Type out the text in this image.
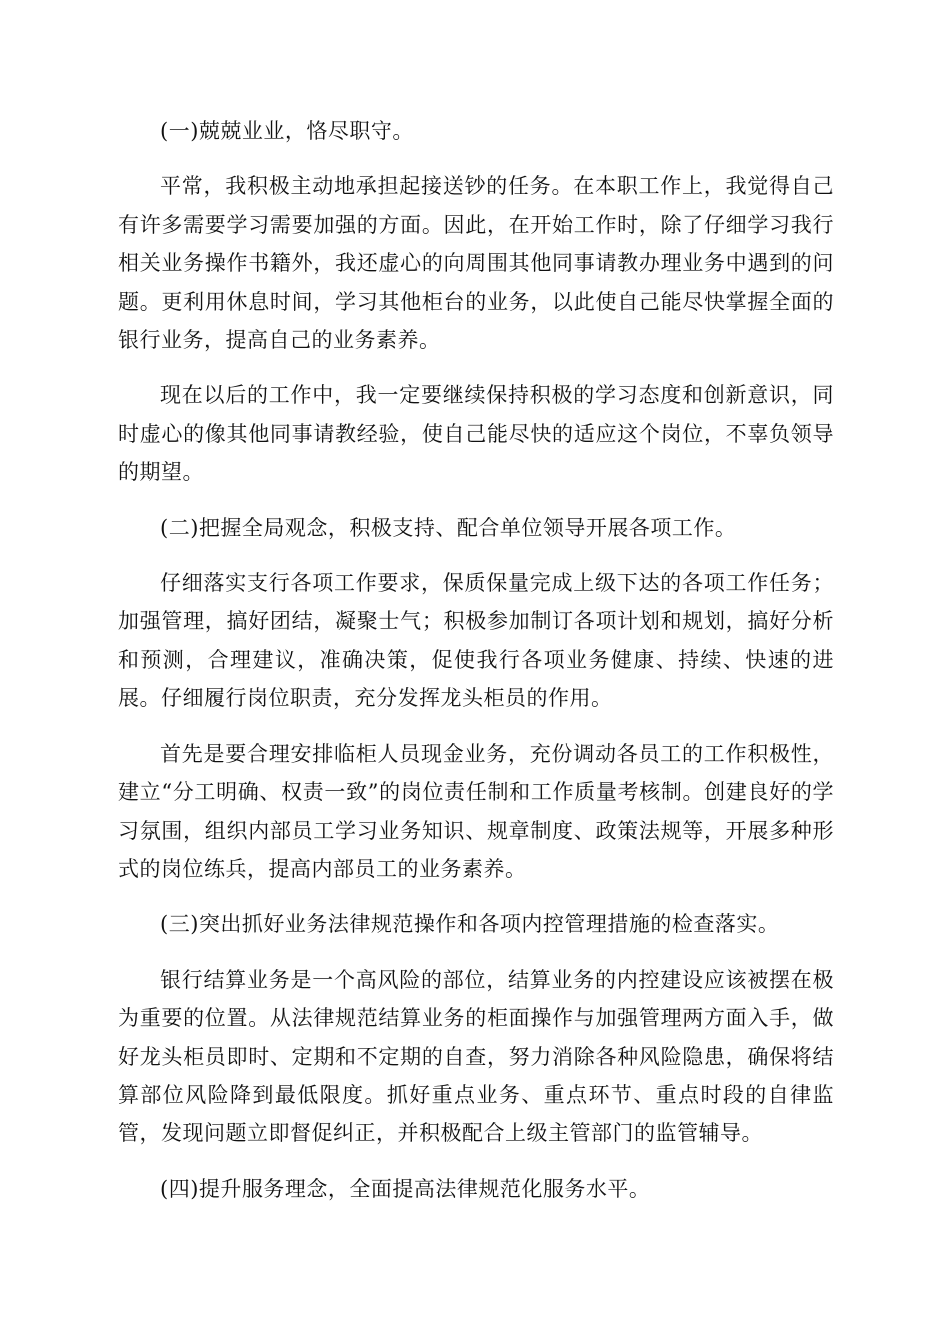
(一)兢兢业业，恪尽职守。

平常，我积极主动地承担起接送钞的任务。在本职工作上，我觉得自己有许多需要学习需要加强的方面。因此，在开始工作时，除了仔细学习我行相关业务操作书籍外，我还虚心的向周围其他同事请教办理业务中遇到的问题。更利用休息时间，学习其他柜台的业务，以此使自己能尽快掌握全面的银行业务，提高自己的业务素养。

现在以后的工作中，我一定要继续保持积极的学习态度和创新意识，同时虚心的像其他同事请教经验，使自己能尽快的适应这个岗位，不辜负领导的期望。

(二)把握全局观念，积极支持、配合单位领导开展各项工作。

仔细落实支行各项工作要求，保质保量完成上级下达的各项工作任务；加强管理，搞好团结，凝聚士气；积极参加制订各项计划和规划，搞好分析和预测，合理建议，准确决策，促使我行各项业务健康、持续、快速的进展。仔细履行岗位职责，充分发挥龙头柜员的作用。

首先是要合理安排临柜人员现金业务，充份调动各员工的工作积极性，建立“分工明确、权责一致”的岗位责任制和工作质量考核制。创建良好的学习氛围，组织内部员工学习业务知识、规章制度、政策法规等，开展多种形式的岗位练兵，提高内部员工的业务素养。

(三)突出抓好业务法律规范操作和各项内控管理措施的检查落实。

银行结算业务是一个高风险的部位，结算业务的内控建设应该被摆在极为重要的位置。从法律规范结算业务的柜面操作与加强管理两方面入手，做好龙头柜员即时、定期和不定期的自查，努力消除各种风险隐患，确保将结算部位风险降到最低限度。抓好重点业务、重点环节、重点时段的自律监管，发现问题立即督促纠正，并积极配合上级主管部门的监管辅导。

(四)提升服务理念，全面提高法律规范化服务水平。
